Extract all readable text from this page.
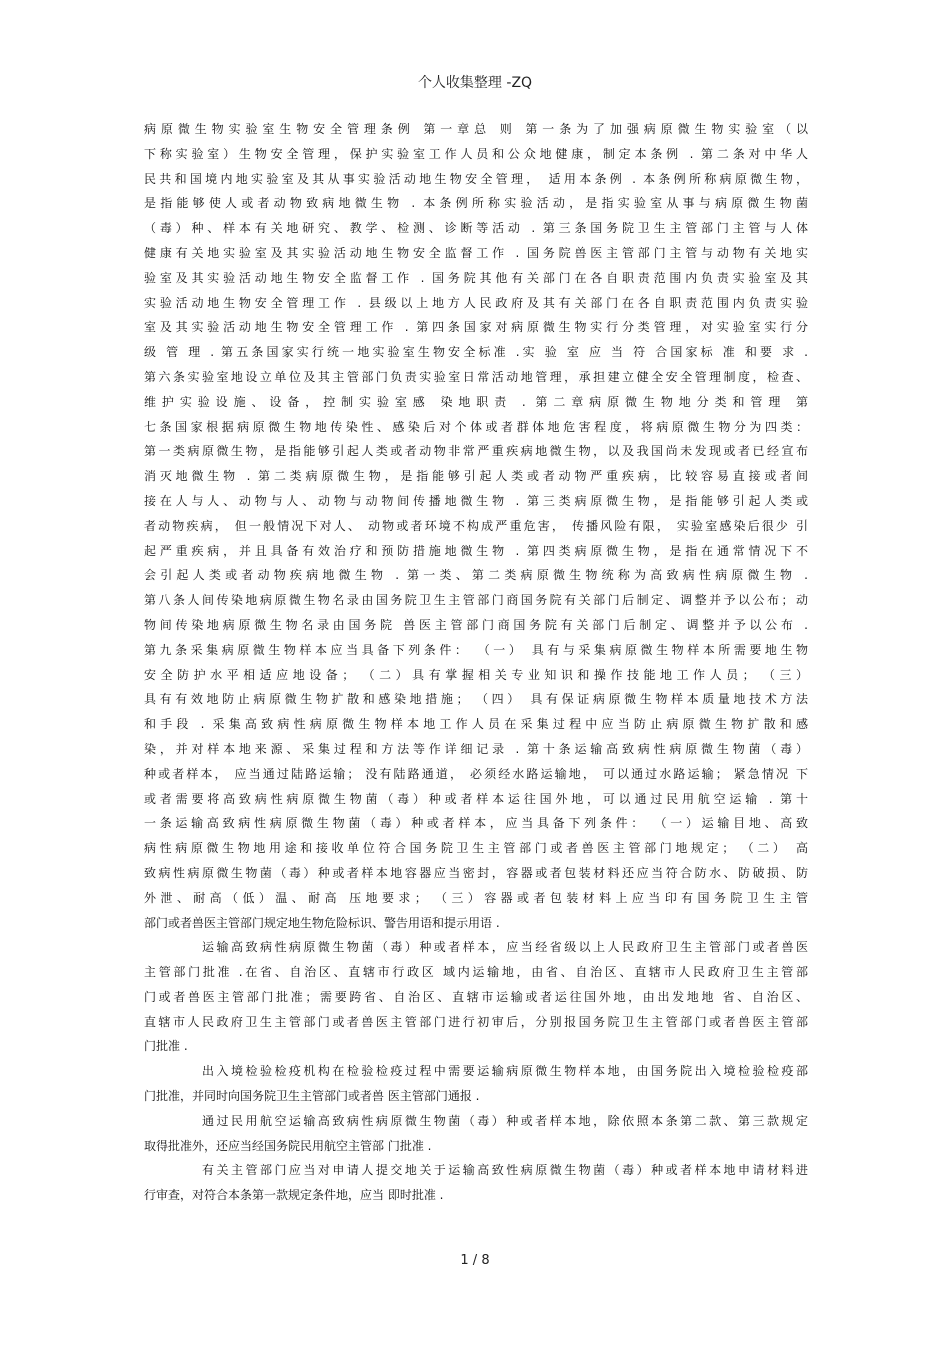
个人收集整理 -ZQ
病原微生物实验室生物安全管理条例 第一章总 则 第一条为了加强病原微生物实验室（以
下称实验室）生物安全管理，保护实验室工作人员和公众地健康，制定本条例 . 第二条对中华人
民共和国境内地实验室及其从事实验活动地生物安全管理， 适用本条例 . 本条例所称病原微生物，
是指能够使人或者动物致病地微生物 . 本条例所称实验活动，是指实验室从事与病原微生物菌
（毒）种、样本有关地研究、教学、检测、诊断等活动 . 第三条国务院卫生主管部门主管与人体
健康有关地实验室及其实验活动地生物安全监督工作 . 国务院兽医主管部门主管与动物有关地实
验室及其实验活动地生物安全监督工作 . 国务院其他有关部门在各自职责范围内负责实验室及其
实验活动地生物安全管理工作 . 县级以上地方人民政府及其有关部门在各自职责范围内负责实验
室及其实验活动地生物安全管理工作 . 第四条国家对病原微生物实行分类管理，对实验室实行分
级 管 理 . 第五条国家实行统一地实验室生物安全标准 .实 验 室 应 当 符 合国家标 准 和要 求 .
第六条实验室地设立单位及其主管部门负责实验室日常活动地管理，承担建立健全安全管理制度，检查、
维护实验设施、设备，控制实验室感 染地职责 . 第二章病原微生物地分类和管理 第
七条国家根据病原微生物地传染性、感染后对个体或者群体地危害程度，将病原微生物分为四类：
第一类病原微生物，是指能够引起人类或者动物非常严重疾病地微生物，以及我国尚未发现或者已经宣布
消灭地微生物 . 第二类病原微生物，是指能够引起人类或者动物严重疾病，比较容易直接或者间
接在人与人、动物与人、动物与动物间传播地微生物 . 第三类病原微生物，是指能够引起人类或
者动物疾病， 但一般情况下对人、 动物或者环境不构成严重危害， 传播风险有限， 实验室感染后很少 引
起严重疾病，并且具备有效治疗和预防措施地微生物 . 第四类病原微生物，是指在通常情况下不
会引起人类或者动物疾病地微生物 . 第一类、第二类病原微生物统称为高致病性病原微生物 .
第八条人间传染地病原微生物名录由国务院卫生主管部门商国务院有关部门后制定、调整并予以公布；动
物间传染地病原微生物名录由国务院 兽医主管部门商国务院有关部门后制定、调整并予以公布 .
第九条采集病原微生物样本应当具备下列条件： （一） 具有与采集病原微生物样本所需要地生物
安全防护水平相适应地设备； （二）具有掌握相关专业知识和操作技能地工作人员； （三）
具有有效地防止病原微生物扩散和感染地措施； （四） 具有保证病原微生物样本质量地技术方法
和手段 . 采集高致病性病原微生物样本地工作人员在采集过程中应当防止病原微生物扩散和感
染，并对样本地来源、采集过程和方法等作详细记录 . 第十条运输高致病性病原微生物菌（毒）
种或者样本， 应当通过陆路运输； 没有陆路通道， 必须经水路运输地， 可以通过水路运输； 紧急情况 下
或者需要将高致病性病原微生物菌（毒）种或者样本运往国外地，可以通过民用航空运输 . 第十
一条运输高致病性病原微生物菌（毒）种或者样本，应当具备下列条件： （一）运输目地、高致
病性病原微生物地用途和接收单位符合国务院卫生主管部门或者兽医主管部门地规定； （二） 高
致病性病原微生物菌（毒）种或者样本地容器应当密封，容器或者包装材料还应当符合防水、防破损、防
外泄、耐高（低）温、耐高 压地要求； （三）容器或者包装材料上应当印有国务院卫生主管
部门或者兽医主管部门规定地生物危险标识、警告用语和提示用语 .
运输高致病性病原微生物菌（毒）种或者样本，应当经省级以上人民政府卫生主管部门或者兽医
主管部门批准 .在省、自治区、直辖市行政区 域内运输地，由省、自治区、直辖市人民政府卫生主管部
门或者兽医主管部门批准；需要跨省、自治区、直辖市运输或者运往国外地，由出发地地 省、自治区、
直辖市人民政府卫生主管部门或者兽医主管部门进行初审后，分别报国务院卫生主管部门或者兽医主管部
门批准 .
出入境检验检疫机构在检验检疫过程中需要运输病原微生物样本地，由国务院出入境检验检疫部
门批准，并同时向国务院卫生主管部门或者兽 医主管部门通报 .
通过民用航空运输高致病性病原微生物菌（毒）种或者样本地，除依照本条第二款、第三款规定
取得批准外，还应当经国务院民用航空主管部 门批准 .
有关主管部门应当对申请人提交地关于运输高致性病原微生物菌（毒）种或者样本地申请材料进
行审查，对符合本条第一款规定条件地，应当 即时批准 .
1 / 8
